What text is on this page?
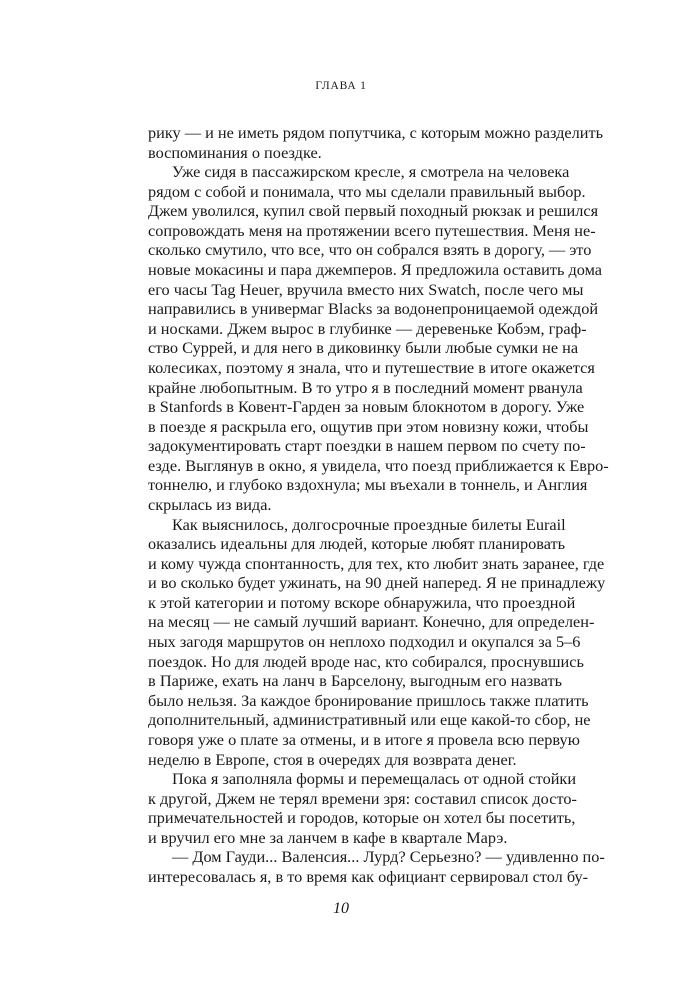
ГЛАВА 1
рику — и не иметь рядом попутчика, с которым можно разделить
воспоминания о поездке.
Уже сидя в пассажирском кресле, я смотрела на человека
рядом с собой и понимала, что мы сделали правильный выбор.
Джем уволился, купил свой первый походный рюкзак и решился
сопровождать меня на протяжении всего путешествия. Меня не-
сколько смутило, что все, что он собрался взять в дорогу, — это
новые мокасины и пара джемперов. Я предложила оставить дома
его часы Tag Heuer, вручила вместо них Swatch, после чего мы
направились в универмаг Blacks за водонепроницаемой одеждой
и носками. Джем вырос в глубинке — деревеньке Кобэм, граф-
ство Суррей, и для него в диковинку были любые сумки не на
колесиках, поэтому я знала, что и путешествие в итоге окажется
крайне любопытным. В то утро я в последний момент рванула
в Stanfords в Ковент-Гарден за новым блокнотом в дорогу. Уже
в поезде я раскрыла его, ощутив при этом новизну кожи, чтобы
задокументировать старт поездки в нашем первом по счету по-
езде. Выглянув в окно, я увидела, что поезд приближается к Евро-
тоннелю, и глубоко вздохнула; мы въехали в тоннель, и Англия
скрылась из вида.
Как выяснилось, долгосрочные проездные билеты Eurail
оказались идеальны для людей, которые любят планировать
и кому чужда спонтанность, для тех, кто любит знать заранее, где
и во сколько будет ужинать, на 90 дней наперед. Я не принадлежу
к этой категории и потому вскоре обнаружила, что проездной
на месяц — не самый лучший вариант. Конечно, для определен-
ных загодя маршрутов он неплохо подходил и окупался за 5–6
поездок. Но для людей вроде нас, кто собирался, проснувшись
в Париже, ехать на ланч в Барселону, выгодным его назвать
было нельзя. За каждое бронирование пришлось также платить
дополнительный, административный или еще какой-то сбор, не
говоря уже о плате за отмены, и в итоге я провела всю первую
неделю в Европе, стоя в очередях для возврата денег.
Пока я заполняла формы и перемещалась от одной стойки
к другой, Джем не терял времени зря: составил список досто-
примечательностей и городов, которые он хотел бы посетить,
и вручил его мне за ланчем в кафе в квартале Марэ.
— Дом Гауди... Валенсия... Лурд? Серьезно? — удивленно по-
интересовалась я, в то время как официант сервировал стол бу-
10
